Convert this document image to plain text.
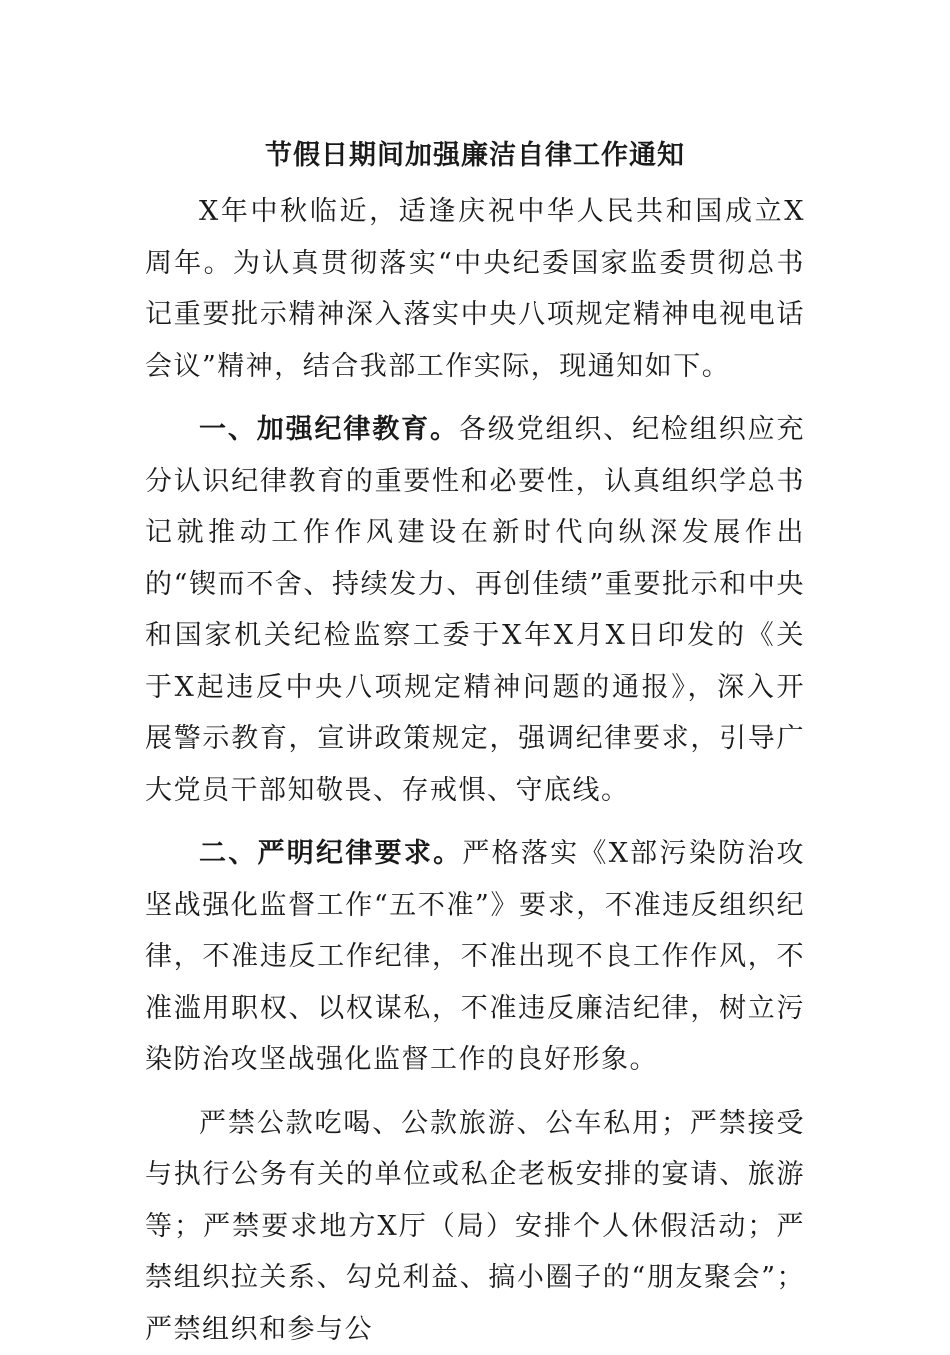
节假日期间加强廉洁自律工作通知

X年中秋临近，适逢庆祝中华人民共和国成立X周年。为认真贯彻落实“中央纪委国家监委贯彻总书记重要批示精神深入落实中央八项规定精神电视电话会议”精神，结合我部工作实际，现通知如下。

一、加强纪律教育。各级党组织、纪检组织应充分认识纪律教育的重要性和必要性，认真组织学总书记就推动工作作风建设在新时代向纵深发展作出的“锲而不舍、持续发力、再创佳绩”重要批示和中央和国家机关纪检监察工委于X年X月X日印发的《关于X起违反中央八项规定精神问题的通报》，深入开展警示教育，宣讲政策规定，强调纪律要求，引导广大党员干部知敬畏、存戒惧、守底线。

二、严明纪律要求。严格落实《X部污染防治攻坚战强化监督工作“五不准”》要求，不准违反组织纪律，不准违反工作纪律，不准出现不良工作作风，不准滥用职权、以权谋私，不准违反廉洁纪律，树立污染防治攻坚战强化监督工作的良好形象。

严禁公款吃喝、公款旅游、公车私用；严禁接受与执行公务有关的单位或私企老板安排的宴请、旅游等；严禁要求地方X厅（局）安排个人休假活动；严禁组织拉关系、勾兑利益、搞小圈子的“朋友聚会”；严禁组织和参与公
